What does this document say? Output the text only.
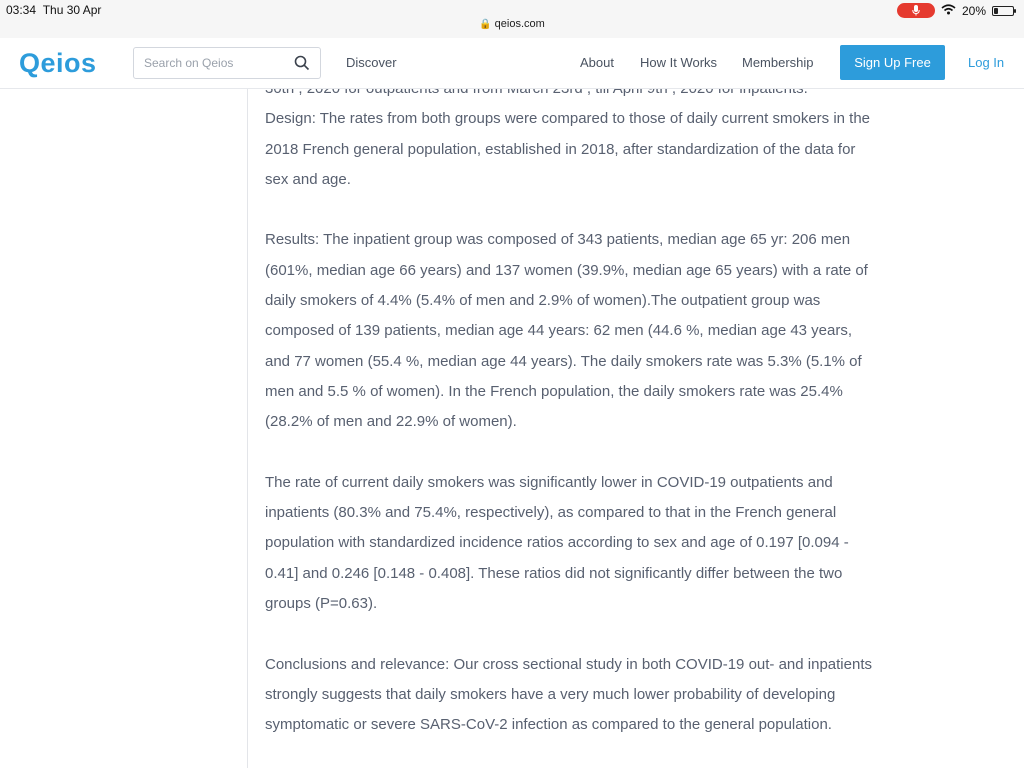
03:34 Thu 30 Apr
🔒 qeios.com
20%
Qeios
Search on Qeios	Discover	About How It Works Membership	Sign Up Free	Log In

Design: The rates from both groups were compared to those of daily current smokers in the 2018 French general population, established in 2018, after standardization of the data for sex and age.

Results: The inpatient group was composed of 343 patients, median age 65 yr: 206 men (601%, median age 66 years) and 137 women (39.9%, median age 65 years) with a rate of daily smokers of 4.4% (5.4% of men and 2.9% of women).The outpatient group was composed of 139 patients, median age 44 years: 62 men (44.6 %, median age 43 years, and 77 women (55.4 %, median age 44 years). The daily smokers rate was 5.3% (5.1% of men and 5.5 % of women). In the French population, the daily smokers rate was 25.4% (28.2% of men and 22.9% of women).

The rate of current daily smokers was significantly lower in COVID-19 outpatients and inpatients (80.3% and 75.4%, respectively), as compared to that in the French general population with standardized incidence ratios according to sex and age of 0.197 [0.094 - 0.41] and 0.246 [0.148 - 0.408]. These ratios did not significantly differ between the two groups (P=0.63).

Conclusions and relevance: Our cross sectional study in both COVID-19 out- and inpatients strongly suggests that daily smokers have a very much lower probability of developing symptomatic or severe SARS-CoV-2 infection as compared to the general population.
